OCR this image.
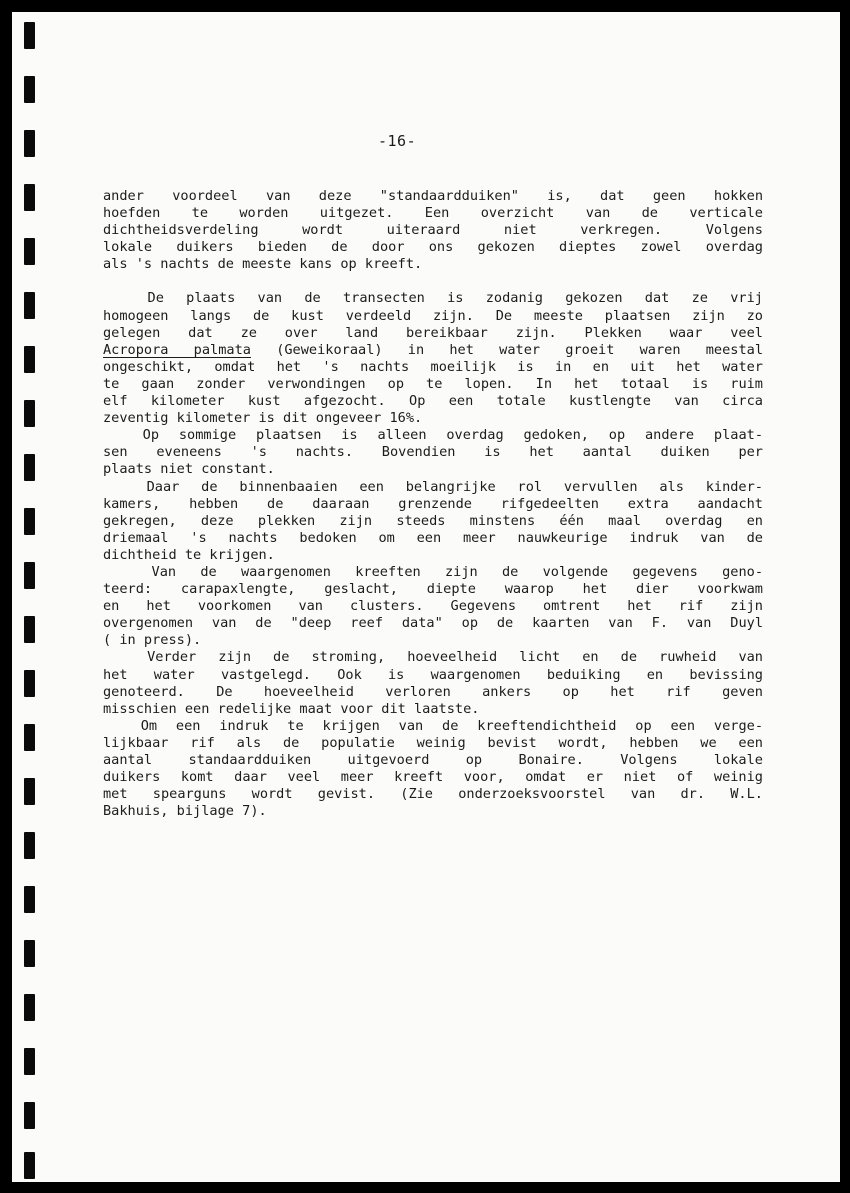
-16-

ander voordeel van deze "standaardduiken" is, dat geen hokken
hoefden te worden uitgezet. Een overzicht van de verticale
dichtheidsverdeling wordt uiteraard niet verkregen. Volgens
lokale duikers bieden de door ons gekozen dieptes zowel overdag
als 's nachts de meeste kans op kreeft.
De plaats van de transecten is zodanig gekozen dat ze vrij
homogeen langs de kust verdeeld zijn. De meeste plaatsen zijn zo
gelegen dat ze over land bereikbaar zijn. Plekken waar veel
Acropora palmata (Geweikoraal) in het water groeit waren meestal
ongeschikt, omdat het 's nachts moeilijk is in en uit het water
te gaan zonder verwondingen op te lopen. In het totaal is ruim
elf kilometer kust afgezocht. Op een totale kustlengte van circa
zeventig kilometer is dit ongeveer 16%.
Op sommige plaatsen is alleen overdag gedoken, op andere plaat-
sen eveneens 's nachts. Bovendien is het aantal duiken per
plaats niet constant.
Daar de binnenbaaien een belangrijke rol vervullen als kinder-
kamers, hebben de daaraan grenzende rifgedeelten extra aandacht
gekregen, deze plekken zijn steeds minstens één maal overdag en
driemaal 's nachts bedoken om een meer nauwkeurige indruk van de
dichtheid te krijgen.
Van de waargenomen kreeften zijn de volgende gegevens geno-
teerd: carapaxlengte, geslacht, diepte waarop het dier voorkwam
en het voorkomen van clusters. Gegevens omtrent het rif zijn
overgenomen van de "deep reef data" op de kaarten van F. van Duyl
( in press).
Verder zijn de stroming, hoeveelheid licht en de ruwheid van
het water vastgelegd. Ook is waargenomen beduiking en bevissing
genoteerd. De hoeveelheid verloren ankers op het rif geven
misschien een redelijke maat voor dit laatste.
Om een indruk te krijgen van de kreeftendichtheid op een verge-
lijkbaar rif als de populatie weinig bevist wordt, hebben we een
aantal standaardduiken uitgevoerd op Bonaire. Volgens lokale
duikers komt daar veel meer kreeft voor, omdat er niet of weinig
met spearguns wordt gevist. (Zie onderzoeksvoorstel van dr. W.L.
Bakhuis, bijlage 7).
